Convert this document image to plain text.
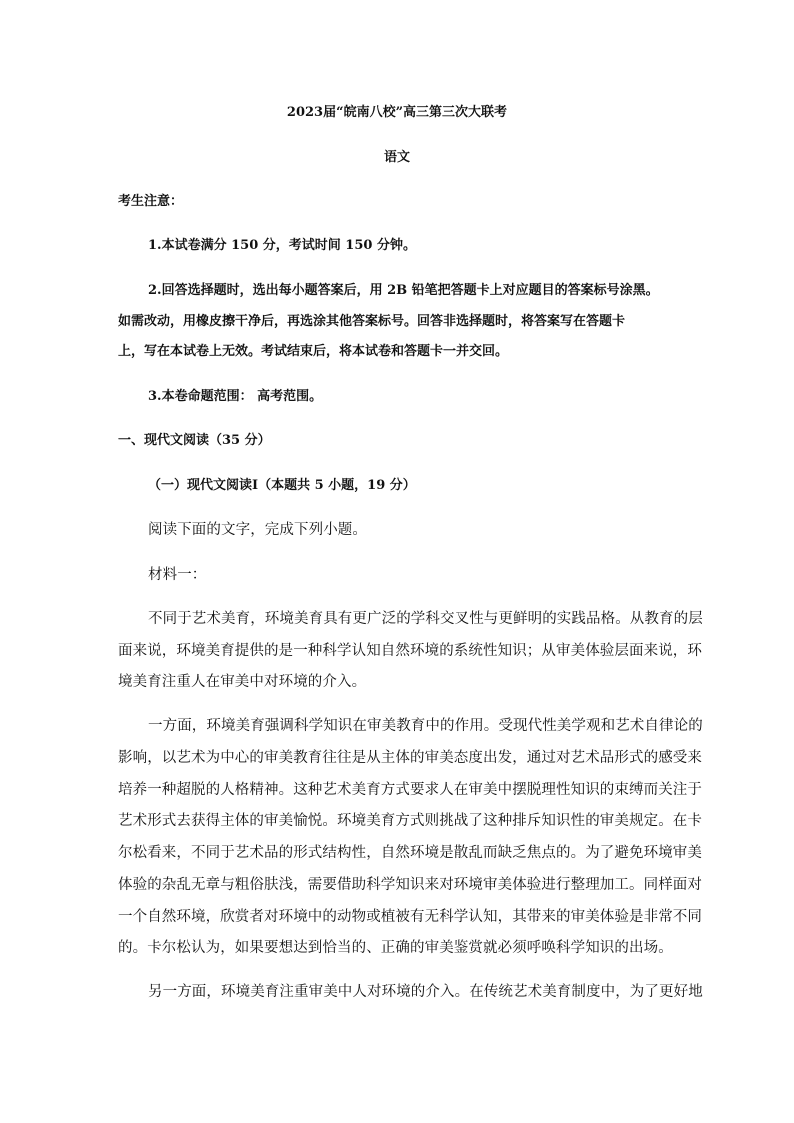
2023届“皖南八校”高三第三次大联考
语文
考生注意：
1.本试卷满分 150 分，考试时间 150 分钟。
2.回答选择题时，选出每小题答案后，用 2B 铅笔把答题卡上对应题目的答案标号涂黑。
如需改动，用橡皮擦干净后，再选涂其他答案标号。回答非选择题时，将答案写在答题卡
上，写在本试卷上无效。考试结束后，将本试卷和答题卡一并交回。
3.本卷命题范围： 高考范围。
一、现代文阅读（35 分）
（一）现代文阅读Ⅰ（本题共 5 小题，19 分）
阅读下面的文字，完成下列小题。
材料一：
不同于艺术美育，环境美育具有更广泛的学科交叉性与更鲜明的实践品格。从教育的层
面来说，环境美育提供的是一种科学认知自然环境的系统性知识；从审美体验层面来说，环
境美育注重人在审美中对环境的介入。
一方面，环境美育强调科学知识在审美教育中的作用。受现代性美学观和艺术自律论的
影响，以艺术为中心的审美教育往往是从主体的审美态度出发，通过对艺术品形式的感受来
培养一种超脱的人格精神。这种艺术美育方式要求人在审美中摆脱理性知识的束缚而关注于
艺术形式去获得主体的审美愉悦。环境美育方式则挑战了这种排斥知识性的审美规定。在卡
尔松看来，不同于艺术品的形式结构性，自然环境是散乱而缺乏焦点的。为了避免环境审美
体验的杂乱无章与粗俗肤浅，需要借助科学知识来对环境审美体验进行整理加工。同样面对
一个自然环境，欣赏者对环境中的动物或植被有无科学认知，其带来的审美体验是非常不同
的。卡尔松认为，如果要想达到恰当的、正确的审美鉴赏就必须呼唤科学知识的出场。
另一方面，环境美育注重审美中人对环境的介入。在传统艺术美育制度中，为了更好地
